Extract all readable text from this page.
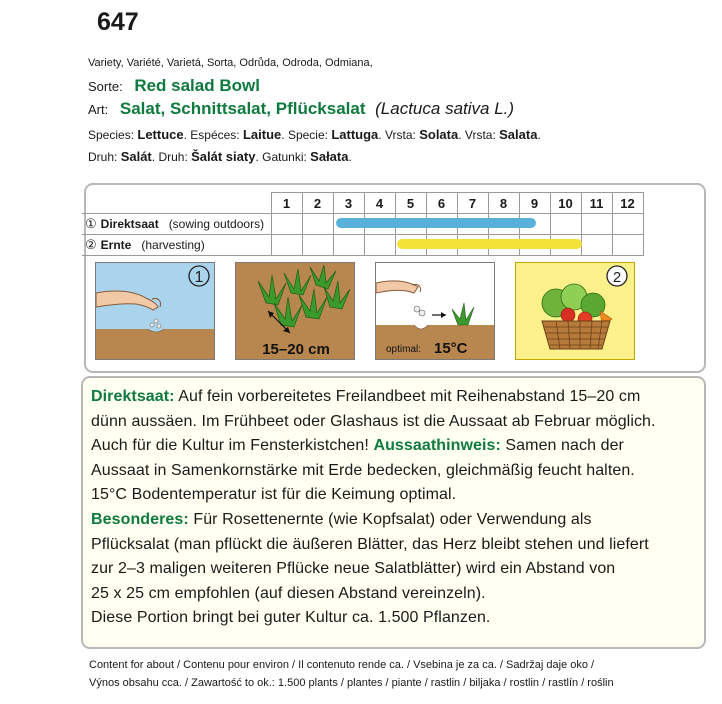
647
Variety, Variété, Varietá, Sorta, Odrůda, Odroda, Odmiana,
Sorte: Red salad Bowl
Art: Salat, Schnittsalat, Pflücksalat (Lactuca sativa L.)
Species: Lettuce. Espéces: Laitue. Specie: Lattuga. Vrsta: Solata. Vrsta: Salata.
Druh: Salát. Druh: Šalát siaty. Gatunki: Sałata.
	1	2	3	4	5	6	7	8	9	10	11	12
① Direktsaat (sowing outdoors)												
② Ernte (harvesting)												
1
15–20 cm	optimal: 15°C
2

Direktsaat: Auf fein vorbereitetes Freilandbeet mit Reihenabstand 15–20 cm

dünn aussäen. Im Frühbeet oder Glashaus ist die Aussaat ab Februar möglich.

Auch für die Kultur im Fensterkistchen! Aussaathinweis: Samen nach der

Aussaat in Samenkornstärke mit Erde bedecken, gleichmäßig feucht halten.

15°C Bodentemperatur ist für die Keimung optimal.

Besonderes: Für Rosettenernte (wie Kopfsalat) oder Verwendung als

Pflücksalat (man pflückt die äußeren Blätter, das Herz bleibt stehen und liefert

zur 2–3 maligen weiteren Pflücke neue Salatblätter) wird ein Abstand von

25 x 25 cm empfohlen (auf diesen Abstand vereinzeln).

Diese Portion bringt bei guter Kultur ca. 1.500 Pflanzen.

Content for about / Contenu pour environ / Il contenuto rende ca. / Vsebina je za ca. / Sadržaj daje oko /
Výnos obsahu cca. / Zawartość to ok.: 1.500 plants / plantes / piante / rastlin / biljaka / rostlin / rastlín / roślin
